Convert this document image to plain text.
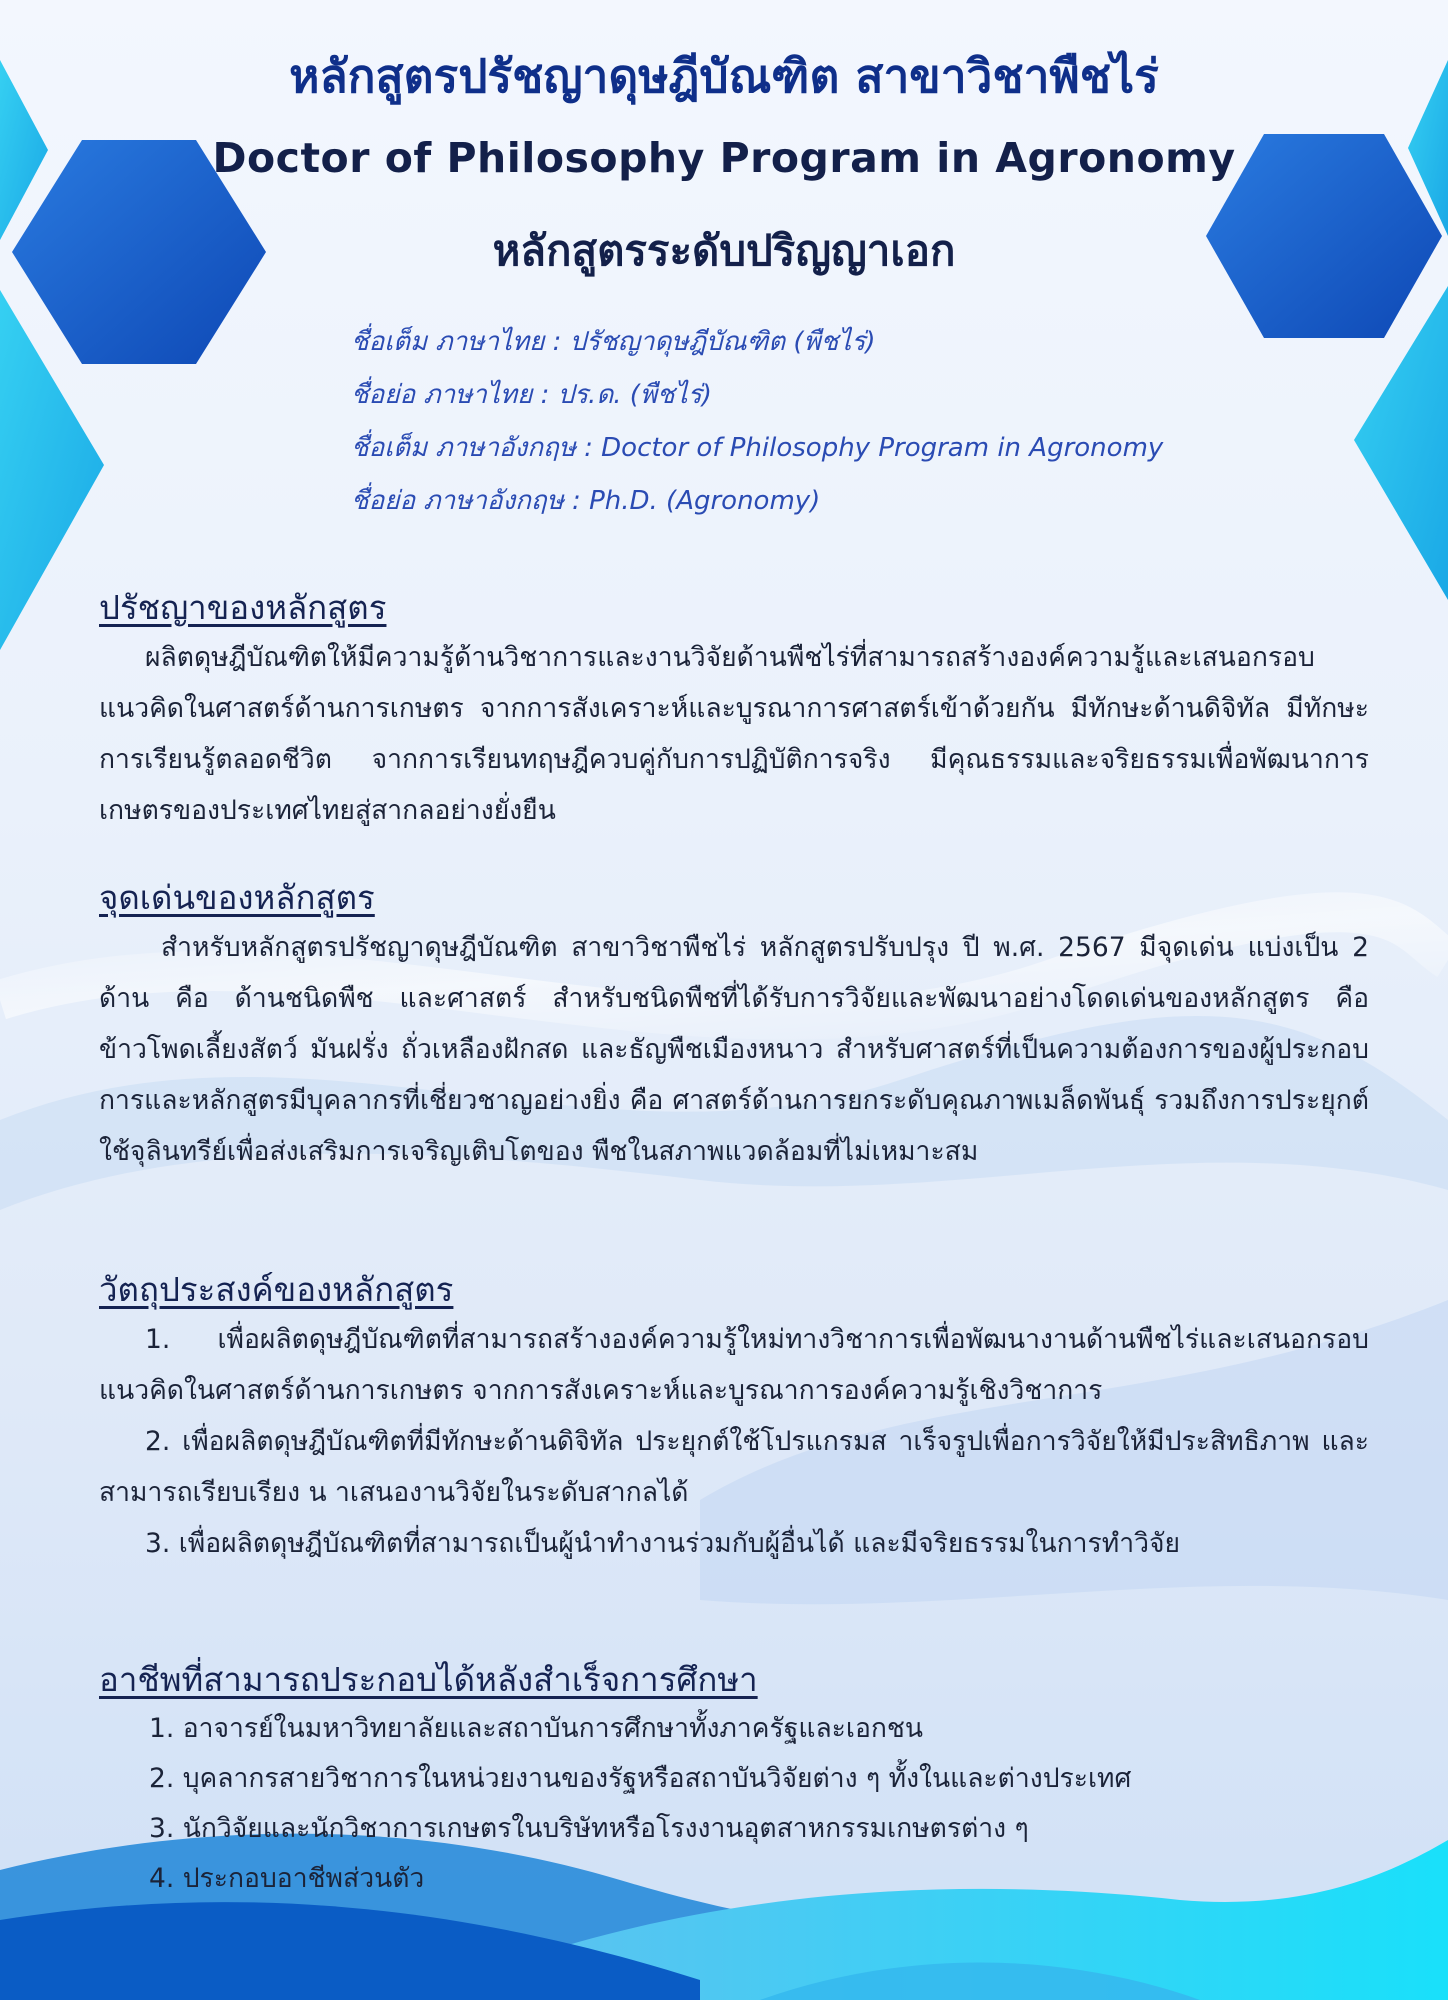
หลักสูตรปรัชญาดุษฎีบัณฑิต สาขาวิชาพืชไร่
Doctor of Philosophy Program in Agronomy
หลักสูตรระดับปริญญาเอก
ชื่อเต็ม ภาษาไทย : ปรัชญาดุษฎีบัณฑิต (พืชไร่)
ชื่อย่อ ภาษาไทย : ปร.ด. (พืชไร่)
ชื่อเต็ม ภาษาอังกฤษ : Doctor of Philosophy Program in Agronomy
ชื่อย่อ ภาษาอังกฤษ : Ph.D. (Agronomy)
ปรัชญาของหลักสูตร

ผลิตดุษฎีบัณฑิตให้มีความรู้ด้านวิชาการและงานวิจัยด้านพืชไร่ที่สามารถสร้างองค์ความรู้และเสนอกรอบแนวคิดในศาสตร์ด้านการเกษตร จากการสังเคราะห์และบูรณาการศาสตร์เข้าด้วยกัน มีทักษะด้านดิจิทัล มีทักษะการเรียนรู้ตลอดชีวิต จากการเรียนทฤษฎีควบคู่กับการปฏิบัติการจริง มีคุณธรรมและจริยธรรมเพื่อพัฒนาการเกษตรของประเทศไทยสู่สากลอย่างยั่งยืน

จุดเด่นของหลักสูตร

สำหรับหลักสูตรปรัชญาดุษฎีบัณฑิต สาขาวิชาพืชไร่ หลักสูตรปรับปรุง ปี พ.ศ. 2567 มีจุดเด่น แบ่งเป็น 2 ด้าน คือ ด้านชนิดพืช และศาสตร์ สำหรับชนิดพืชที่ได้รับการวิจัยและพัฒนาอย่างโดดเด่นของหลักสูตร คือ ข้าวโพดเลี้ยงสัตว์ มันฝรั่ง ถั่วเหลืองฝักสด และธัญพืชเมืองหนาว สำหรับศาสตร์ที่เป็นความต้องการของผู้ประกอบการและหลักสูตรมีบุคลากรที่เชี่ยวชาญอย่างยิ่ง คือ ศาสตร์ด้านการยกระดับคุณภาพเมล็ดพันธุ์ รวมถึงการประยุกต์ใช้จุลินทรีย์เพื่อส่งเสริมการเจริญเติบโตของ พืชในสภาพแวดล้อมที่ไม่เหมาะสม

วัตถุประสงค์ของหลักสูตร

1. เพื่อผลิตดุษฎีบัณฑิตที่สามารถสร้างองค์ความรู้ใหม่ทางวิชาการเพื่อพัฒนางานด้านพืชไร่และเสนอกรอบแนวคิดในศาสตร์ด้านการเกษตร จากการสังเคราะห์และบูรณาการองค์ความรู้เชิงวิชาการ

2. เพื่อผลิตดุษฎีบัณฑิตที่มีทักษะด้านดิจิทัล ประยุกต์ใช้โปรแกรมส าเร็จรูปเพื่อการวิจัยให้มีประสิทธิภาพ และสามารถเรียบเรียง น าเสนองานวิจัยในระดับสากลได้

3. เพื่อผลิตดุษฎีบัณฑิตที่สามารถเป็นผู้นำทำงานร่วมกับผู้อื่นได้ และมีจริยธรรมในการทำวิจัย

อาชีพที่สามารถประกอบได้หลังสำเร็จการศึกษา
1. อาจารย์ในมหาวิทยาลัยและสถาบันการศึกษาทั้งภาครัฐและเอกชน
2. บุคลากรสายวิชาการในหน่วยงานของรัฐหรือสถาบันวิจัยต่าง ๆ ทั้งในและต่างประเทศ
3. นักวิจัยและนักวิชาการเกษตรในบริษัทหรือโรงงานอุตสาหกรรมเกษตรต่าง ๆ
4. ประกอบอาชีพส่วนตัว
